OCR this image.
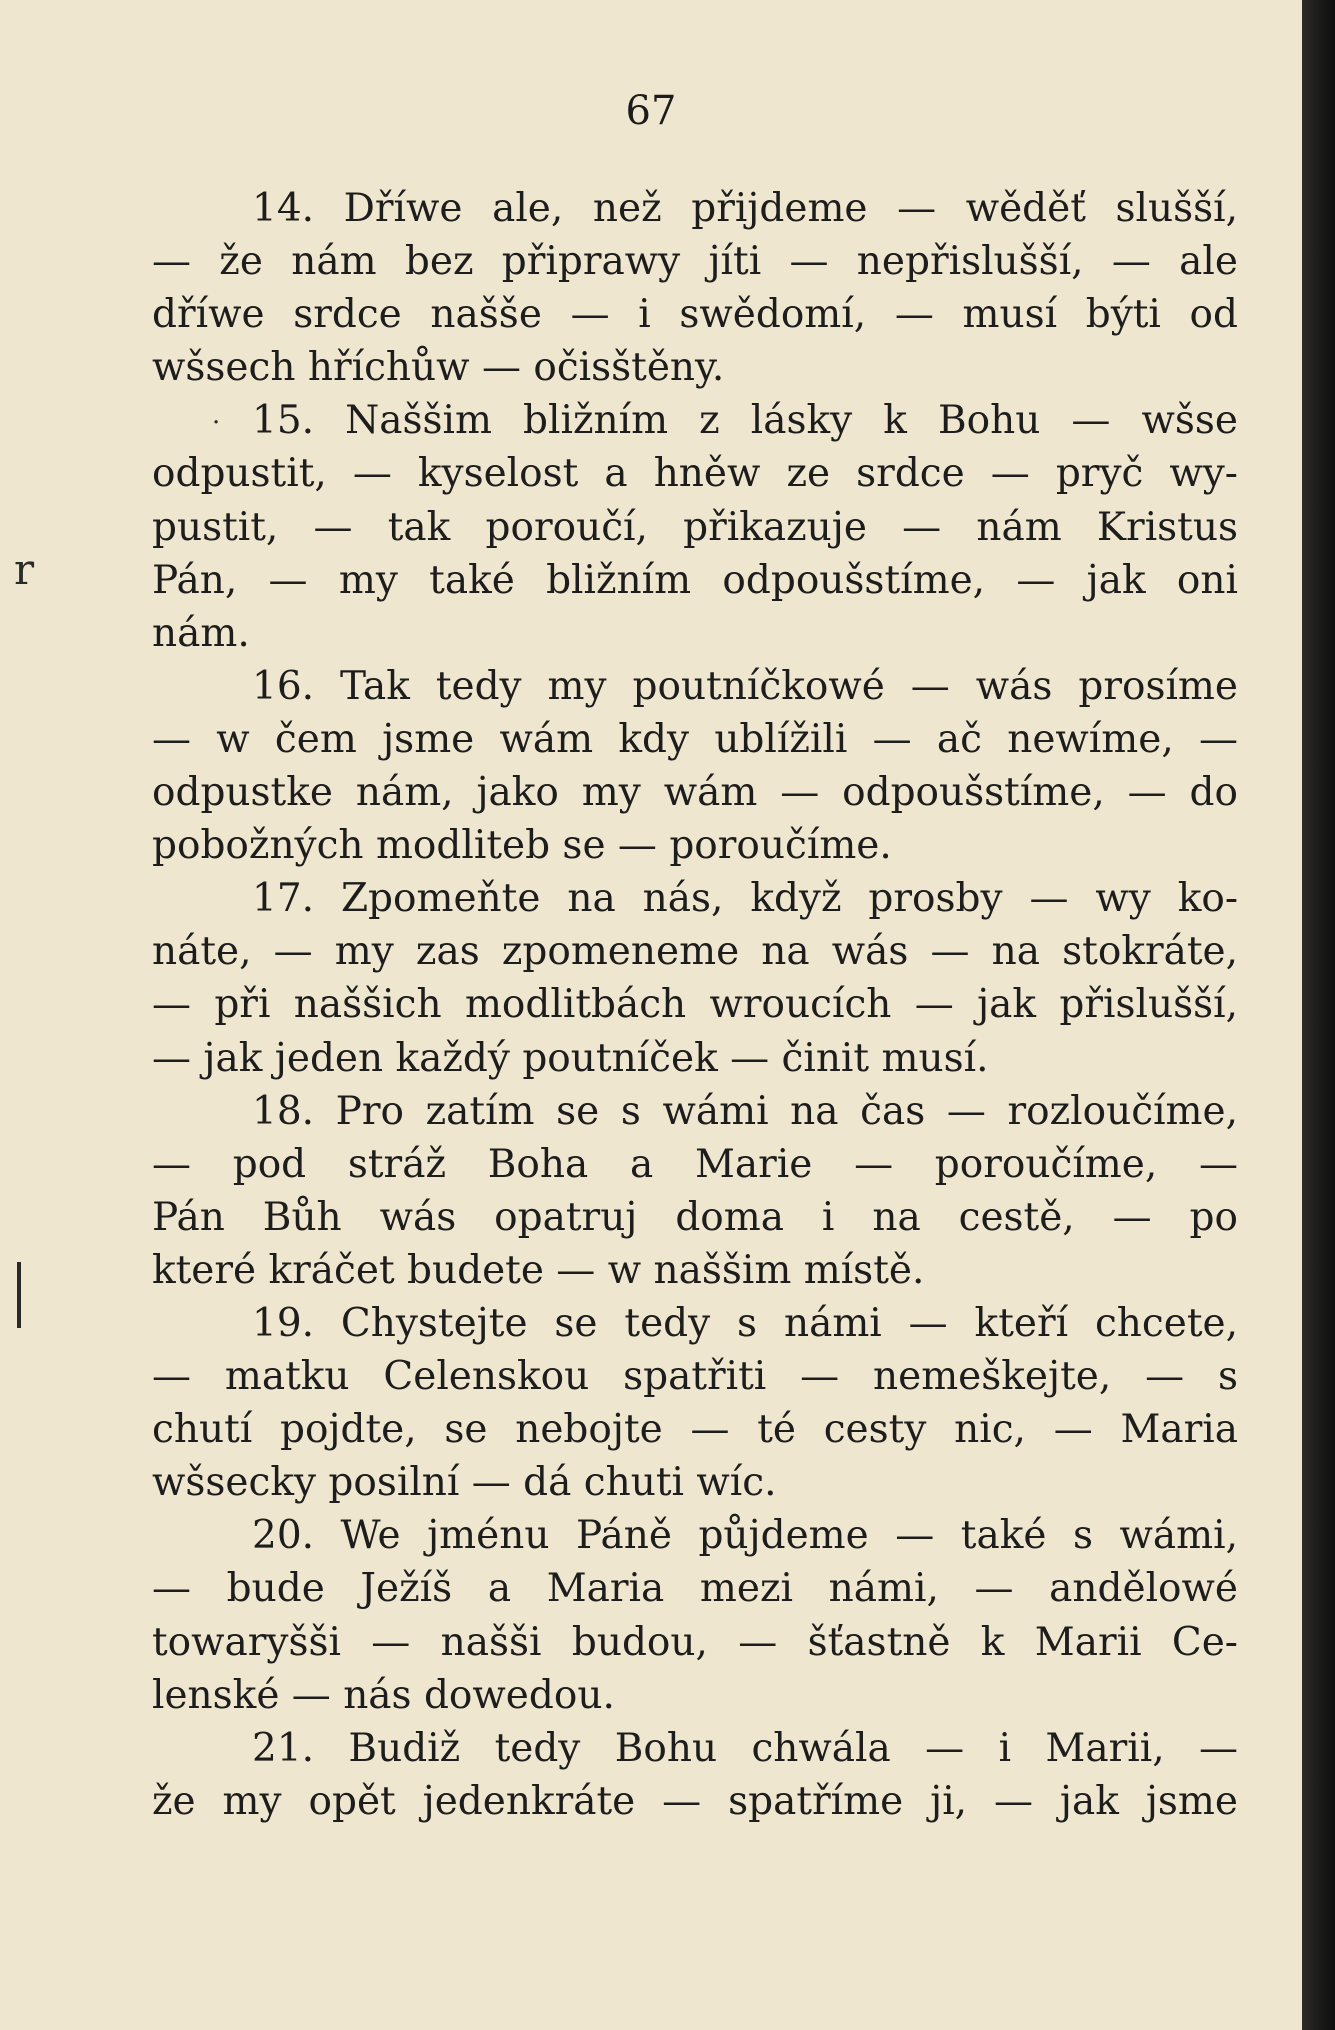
67
14. Dříwe ale, než přijdeme — wěděť slušší,
— že nám bez připrawy jíti — nepřislušší, — ale
dříwe srdce našše — i swědomí, — musí býti od
wšsech hříchůw — očisštěny.
15. Naššim bližním z lásky k Bohu — wšse
odpustit, — kyselost a hněw ze srdce — pryč wy-
pustit, — tak poroučí, přikazuje — nám Kristus
Pán, — my také bližním odpoušstíme, — jak oni
nám.
16. Tak tedy my poutníčkowé — wás prosíme
— w čem jsme wám kdy ublížili — ač newíme, —
odpustke nám, jako my wám — odpoušstíme, — do
pobožných modliteb se — poroučíme.
17. Zpomeňte na nás, když prosby — wy ko-
náte, — my zas zpomeneme na wás — na stokráte,
— při naššich modlitbách wroucích — jak přislušší,
— jak jeden každý poutníček — činit musí.
18. Pro zatím se s wámi na čas — rozloučíme,
— pod stráž Boha a Marie — poroučíme, —
Pán Bůh wás opatruj doma i na cestě, — po
které kráčet budete — w naššim místě.
19. Chystejte se tedy s námi — kteří chcete,
— matku Celenskou spatřiti — nemeškejte, — s
chutí pojdte, se nebojte — té cesty nic, — Maria
wšsecky posilní — dá chuti wíc.
20. We jménu Páně půjdeme — také s wámi,
— bude Ježíš a Maria mezi námi, — andělowé
towaryšši — našši budou, — šťastně k Marii Ce-
lenské — nás dowedou.
21. Budiž tedy Bohu chwála — i Marii, —
že my opět jedenkráte — spatříme ji, — jak jsme
r
·
